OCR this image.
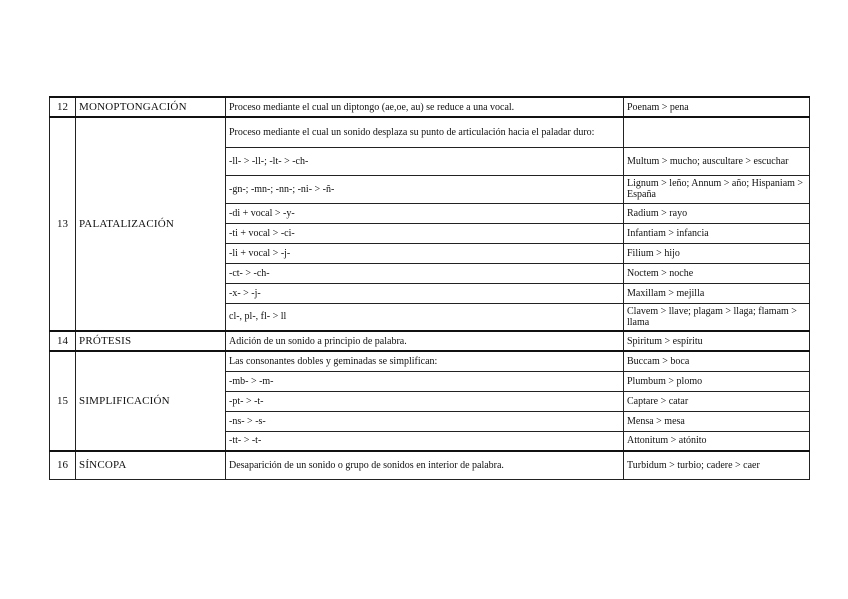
12	MONOPTONGACIÓN	Proceso mediante el cual un diptongo (ae,oe, au) se reduce a una vocal.	Poenam > pena
13	PALATALIZACIÓN	Proceso mediante el cual un sonido desplaza su punto de articulación hacia el paladar duro:	
		-ll- > -ll-; -lt- > -ch-	Multum > mucho; auscultare > escuchar
		-gn-; -mn-; -nn-; -ni- > -ñ-	Lignum > leño; Annum > año; Hispaniam > España
		-di + vocal > -y-	Radium > rayo
		-ti + vocal > -ci-	Infantiam > infancia
		-li + vocal > -j-	Filium > hijo
		-ct- > -ch-	Noctem > noche
		-x- > -j-	Maxillam > mejilla
		cl-, pl-, fl- > ll	Clavem > llave; plagam > llaga; flamam > llama
14	PRÓTESIS	Adición de un sonido a principio de palabra.	Spiritum > espíritu
15	SIMPLIFICACIÓN	Las consonantes dobles y geminadas se simplifican:	Buccam > boca
		-mb- > -m-	Plumbum > plomo
		-pt- > -t-	Captare > catar
		-ns- > -s-	Mensa > mesa
		-tt- > -t-	Attonitum > atónito
16	SÍNCOPA	Desaparición de un sonido o grupo de sonidos en interior de palabra.	Turbidum > turbio; cadere > caer
